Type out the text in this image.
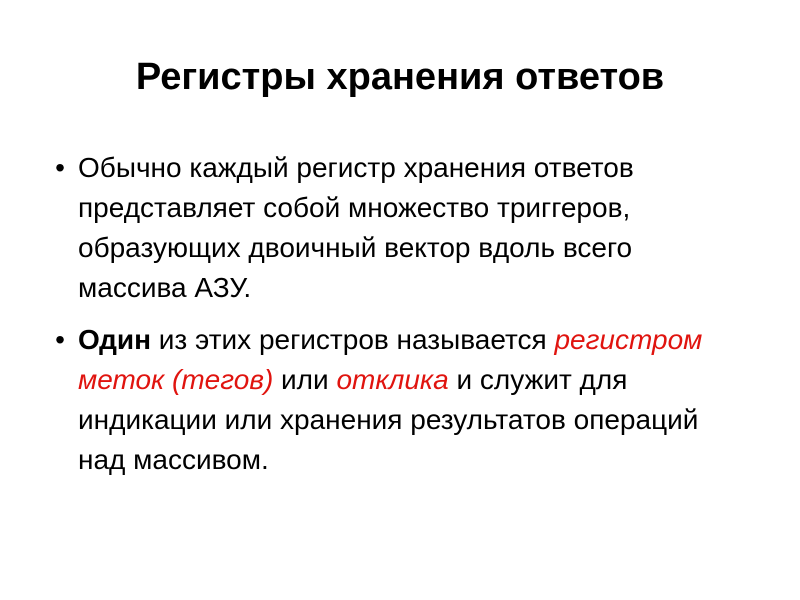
Регистры хранения ответов
• Обычно каждый регистр хранения ответов представляет собой множество триггеров, образующих двоичный вектор вдоль всего массива АЗУ.
• Один из этих регистров называется регистром меток (тегов) или отклика и служит для индикации или хранения результатов операций над массивом.
